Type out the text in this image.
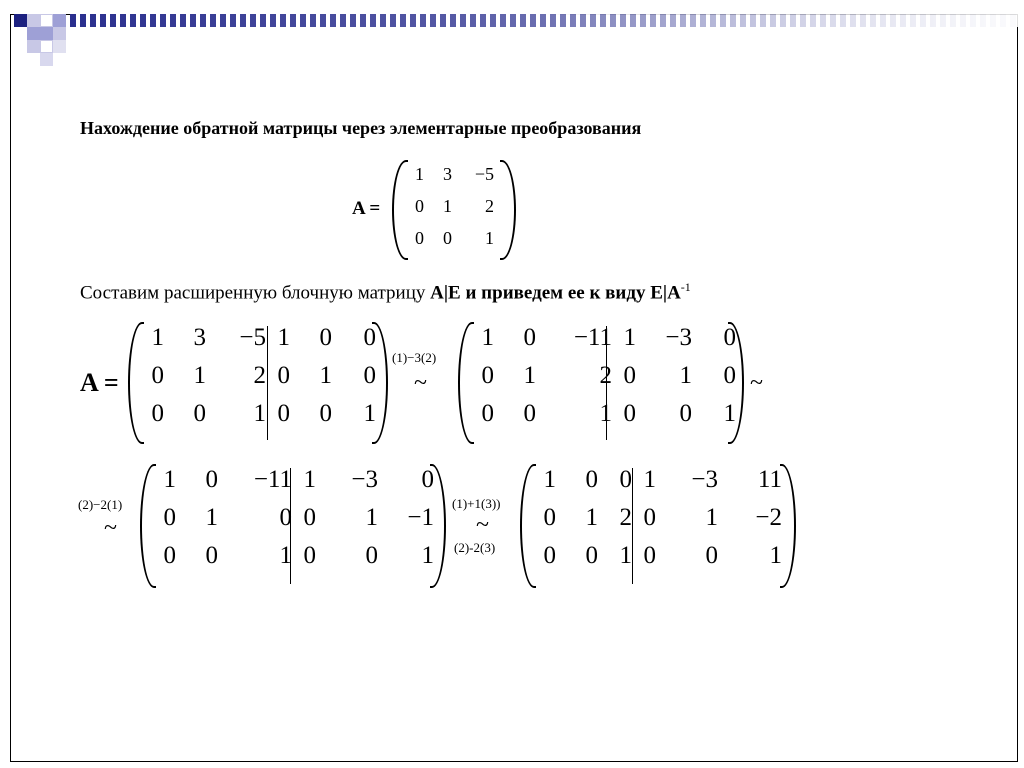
Нахождение обратной матрицы через элементарные преобразования
A =
1	3	−5
0	1	2
0	0	1
Составим расширенную блочную матрицу A|E и приведем ее к виду $E|A^{-1}$
A =
1	3	−5 1	0	0
0	1	2 0	1	0
0	0	1 0	0	1
(1)−3(2)
~
1	0	−11 1	−3	0
0	1	2 0	1	0
0	0	1 0	0	1
~
(2)−2(1)
~
1	0	−11 1	−3	0
0	1	0 0	1	−1
0	0	1 0	0	1
(1)+1(3))
~
(2)-2(3)
1	0 0 1	−3	11
0	1 2 0	1	−2
0	0 1 0	0	1
